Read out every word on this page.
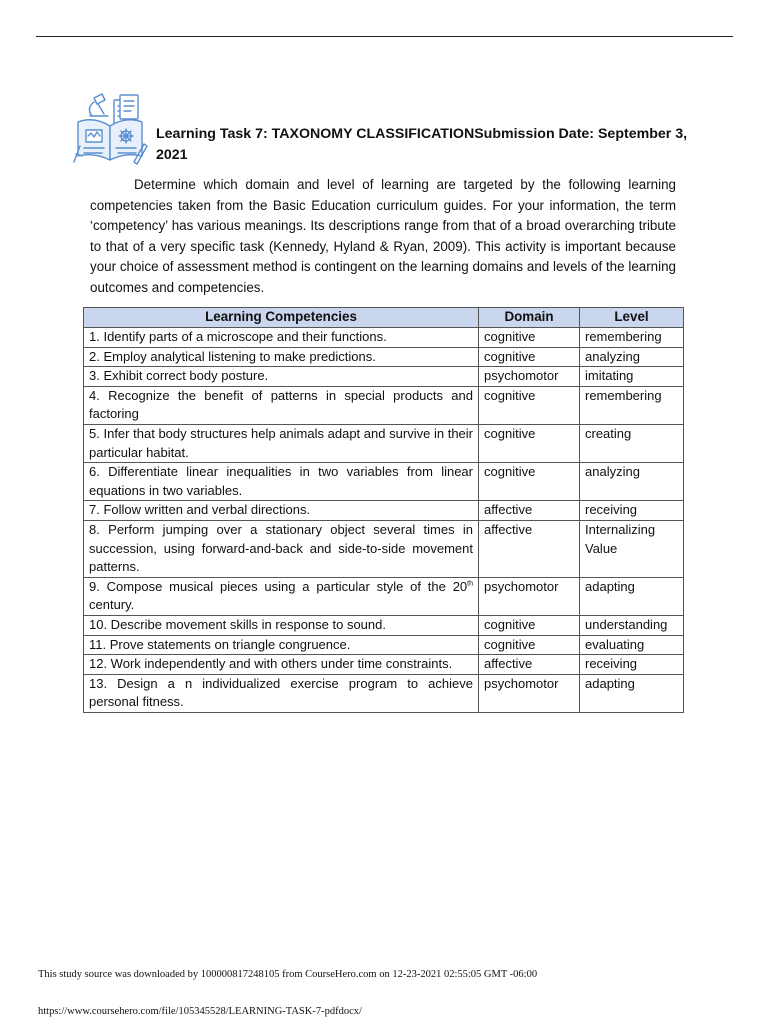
Learning Task 7: TAXONOMY CLASSIFICATION Submission Date: September 3,
2021

Determine which domain and level of learning are targeted by the following learning competencies taken from the Basic Education curriculum guides. For your information, the term ‘competency’ has various meanings. Its descriptions range from that of a broad overarching tribute to that of a very specific task (Kennedy, Hyland & Ryan, 2009). This activity is important because your choice of assessment method is contingent on the learning domains and levels of the learning outcomes and competencies.

Learning Competencies	Domain	Level
1. Identify parts of a microscope and their functions.	cognitive	remembering
2. Employ analytical listening to make predictions.	cognitive	analyzing
3. Exhibit correct body posture.	psychomotor	imitating
4. Recognize the benefit of patterns in special products and factoring	cognitive	remembering
5. Infer that body structures help animals adapt and survive in their particular habitat.	cognitive	creating
6. Differentiate linear inequalities in two variables from linear equations in two variables.	cognitive	analyzing
7. Follow written and verbal directions.	affective	receiving
8. Perform jumping over a stationary object several times in succession, using forward-and-back and side-to-side movement patterns.	affective	Internalizing Value
9. Compose musical pieces using a particular style of the 20th century.	psychomotor	adapting
10. Describe movement skills in response to sound.	cognitive	understanding
11. Prove statements on triangle congruence.	cognitive	evaluating
12. Work independently and with others under time constraints.	affective	receiving
13. Design a n individualized exercise program to achieve personal fitness.	psychomotor	adapting
This study source was downloaded by 100000817248105 from CourseHero.com on 12-23-2021 02:55:05 GMT -06:00
https://www.coursehero.com/file/105345528/LEARNING-TASK-7-pdfdocx/
